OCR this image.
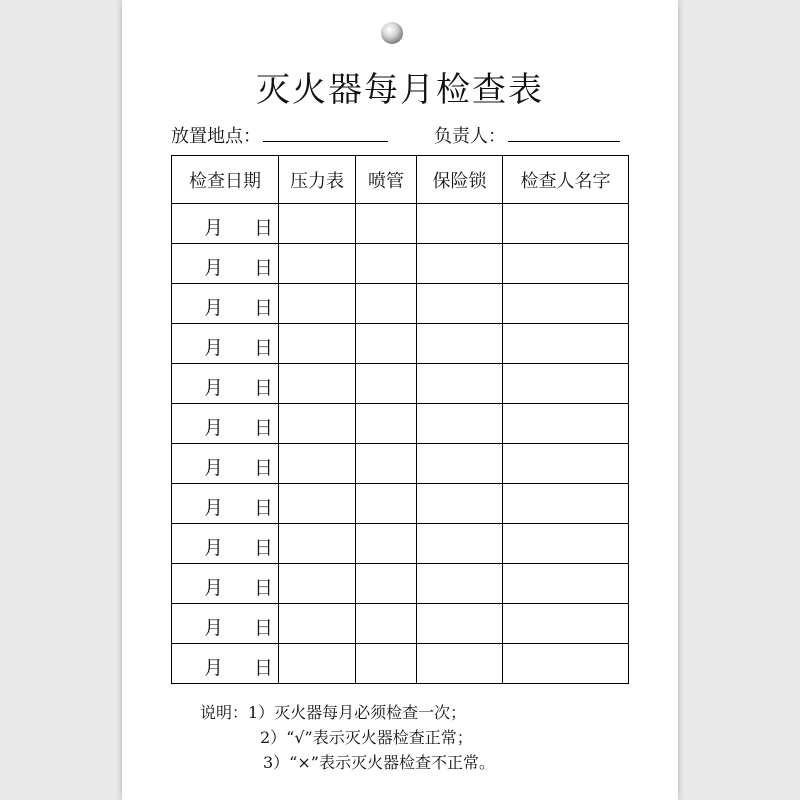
灭火器每月检查表
放置地点：	负责人：
检查日期	压力表	喷管	保险锁	检查人名字

月 日				

月 日				

月 日				

月 日				

月 日				

月 日				

月 日				

月 日				

月 日				

月 日				

月 日				

月 日				

说明：1）灭火器每月必须检查一次；
2）“√”表示灭火器检查正常；
3）“×”表示灭火器检查不正常。
